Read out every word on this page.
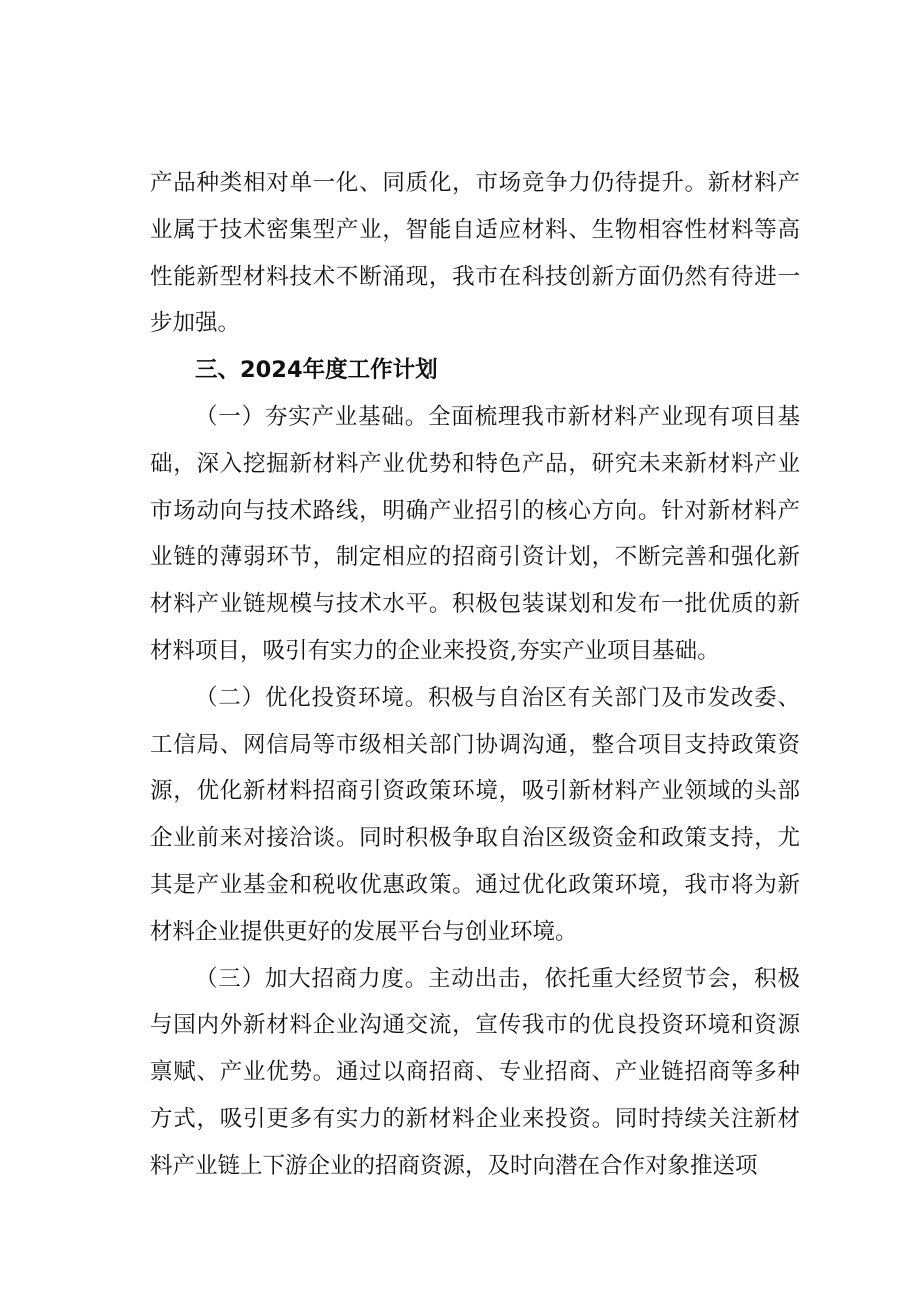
产品种类相对单一化、同质化，市场竞争力仍待提升。新材料产业属于技术密集型产业，智能自适应材料、生物相容性材料等高性能新型材料技术不断涌现，我市在科技创新方面仍然有待进一步加强。

三、2024年度工作计划

（一）夯实产业基础。全面梳理我市新材料产业现有项目基础，深入挖掘新材料产业优势和特色产品，研究未来新材料产业市场动向与技术路线，明确产业招引的核心方向。针对新材料产业链的薄弱环节，制定相应的招商引资计划，不断完善和强化新材料产业链规模与技术水平。积极包装谋划和发布一批优质的新材料项目，吸引有实力的企业来投资,夯实产业项目基础。

（二）优化投资环境。积极与自治区有关部门及市发改委、工信局、网信局等市级相关部门协调沟通，整合项目支持政策资源，优化新材料招商引资政策环境，吸引新材料产业领域的头部企业前来对接洽谈。同时积极争取自治区级资金和政策支持，尤其是产业基金和税收优惠政策。通过优化政策环境，我市将为新材料企业提供更好的发展平台与创业环境。

（三）加大招商力度。主动出击，依托重大经贸节会，积极与国内外新材料企业沟通交流，宣传我市的优良投资环境和资源禀赋、产业优势。通过以商招商、专业招商、产业链招商等多种方式，吸引更多有实力的新材料企业来投资。同时持续关注新材料产业链上下游企业的招商资源，及时向潜在合作对象推送项
